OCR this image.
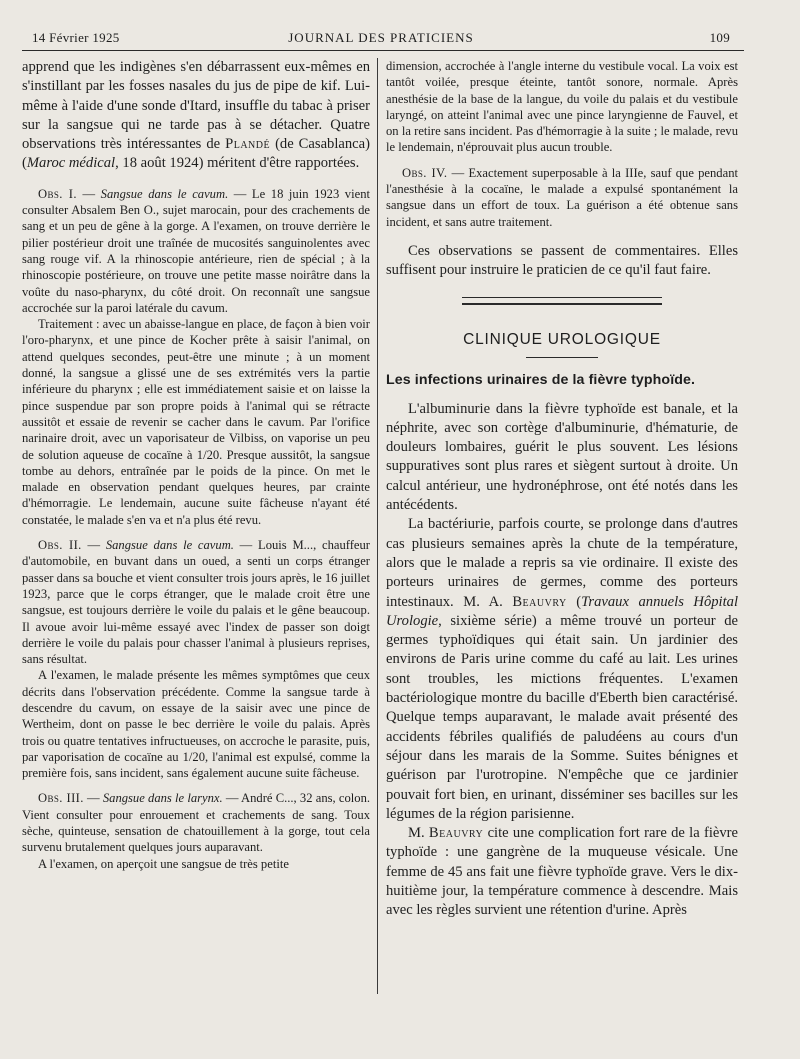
14 Février 1925	JOURNAL DES PRATICIENS	109

apprend que les indigènes s'en débarrassent eux-mêmes en s'instillant par les fosses nasales du jus de pipe de kif. Lui-même à l'aide d'une sonde d'Itard, insuffle du tabac à priser sur la sangsue qui ne tarde pas à se détacher. Quatre observations très intéressantes de Plandé (de Casablanca) (Maroc médical, 18 août 1924) méritent d'être rapportées.

Obs. I. — Sangsue dans le cavum. — Le 18 juin 1923 vient consulter Absalem Ben O., sujet marocain, pour des crachements de sang et un peu de gêne à la gorge. A l'examen, on trouve derrière le pilier postérieur droit une traînée de mucosités sanguinolentes avec sang rouge vif. A la rhinoscopie antérieure, rien de spécial ; à la rhinoscopie postérieure, on trouve une petite masse noirâtre dans la voûte du naso-pharynx, du côté droit. On reconnaît une sangsue accrochée sur la paroi latérale du cavum.

Traitement : avec un abaisse-langue en place, de façon à bien voir l'oro-pharynx, et une pince de Kocher prête à saisir l'animal, on attend quelques secondes, peut-être une minute ; à un moment donné, la sangsue a glissé une de ses extrémités vers la partie inférieure du pharynx ; elle est immédiatement saisie et on laisse la pince suspendue par son propre poids à l'animal qui se rétracte aussitôt et essaie de revenir se cacher dans le cavum. Par l'orifice narinaire droit, avec un vaporisateur de Vilbiss, on vaporise un peu de solution aqueuse de cocaïne à 1/20. Presque aussitôt, la sangsue tombe au dehors, entraînée par le poids de la pince. On met le malade en observation pendant quelques heures, par crainte d'hémorragie. Le lendemain, aucune suite fâcheuse n'ayant été constatée, le malade s'en va et n'a plus été revu.

Obs. II. — Sangsue dans le cavum. — Louis M..., chauffeur d'automobile, en buvant dans un oued, a senti un corps étranger passer dans sa bouche et vient consulter trois jours après, le 16 juillet 1923, parce que le corps étranger, que le malade croit être une sangsue, est toujours derrière le voile du palais et le gêne beaucoup. Il avoue avoir lui-même essayé avec l'index de passer son doigt derrière le voile du palais pour chasser l'animal à plusieurs reprises, sans résultat.

A l'examen, le malade présente les mêmes symptômes que ceux décrits dans l'observation précédente. Comme la sangsue tarde à descendre du cavum, on essaye de la saisir avec une pince de Wertheim, dont on passe le bec derrière le voile du palais. Après trois ou quatre tentatives infructueuses, on accroche le parasite, puis, par vaporisation de cocaïne au 1/20, l'animal est expulsé, comme la première fois, sans incident, sans également aucune suite fâcheuse.

Obs. III. — Sangsue dans le larynx. — André C..., 32 ans, colon. Vient consulter pour enrouement et crachements de sang. Toux sèche, quinteuse, sensation de chatouillement à la gorge, tout cela survenu brutalement quelques jours auparavant.

A l'examen, on aperçoit une sangsue de très petite

dimension, accrochée à l'angle interne du vestibule vocal. La voix est tantôt voilée, presque éteinte, tantôt sonore, normale. Après anesthésie de la base de la langue, du voile du palais et du vestibule laryngé, on atteint l'animal avec une pince laryngienne de Fauvel, et on la retire sans incident. Pas d'hémorragie à la suite ; le malade, revu le lendemain, n'éprouvait plus aucun trouble.

Obs. IV. — Exactement superposable à la IIIe, sauf que pendant l'anesthésie à la cocaïne, le malade a expulsé spontanément la sangsue dans un effort de toux. La guérison a été obtenue sans incident, et sans autre traitement.

Ces observations se passent de commentaires. Elles suffisent pour instruire le praticien de ce qu'il faut faire.

CLINIQUE UROLOGIQUE
Les infections urinaires de la fièvre typhoïde.

L'albuminurie dans la fièvre typhoïde est banale, et la néphrite, avec son cortège d'albuminurie, d'hématurie, de douleurs lombaires, guérit le plus souvent. Les lésions suppuratives sont plus rares et siègent surtout à droite. Un calcul antérieur, une hydronéphrose, ont été notés dans les antécédents.

La bactériurie, parfois courte, se prolonge dans d'autres cas plusieurs semaines après la chute de la température, alors que le malade a repris sa vie ordinaire. Il existe des porteurs urinaires de germes, comme des porteurs intestinaux. M. A. Beauvry (Travaux annuels Hôpital Urologie, sixième série) a même trouvé un porteur de germes typhoïdiques qui était sain. Un jardinier des environs de Paris urine comme du café au lait. Les urines sont troubles, les mictions fréquentes. L'examen bactériologique montre du bacille d'Eberth bien caractérisé. Quelque temps auparavant, le malade avait présenté des accidents fébriles qualifiés de paludéens au cours d'un séjour dans les marais de la Somme. Suites bénignes et guérison par l'urotropine. N'empêche que ce jardinier pouvait fort bien, en urinant, disséminer ses bacilles sur les légumes de la région parisienne.

M. Beauvry cite une complication fort rare de la fièvre typhoïde : une gangrène de la muqueuse vésicale. Une femme de 45 ans fait une fièvre typhoïde grave. Vers le dix-huitième jour, la température commence à descendre. Mais avec les règles survient une rétention d'urine. Après
